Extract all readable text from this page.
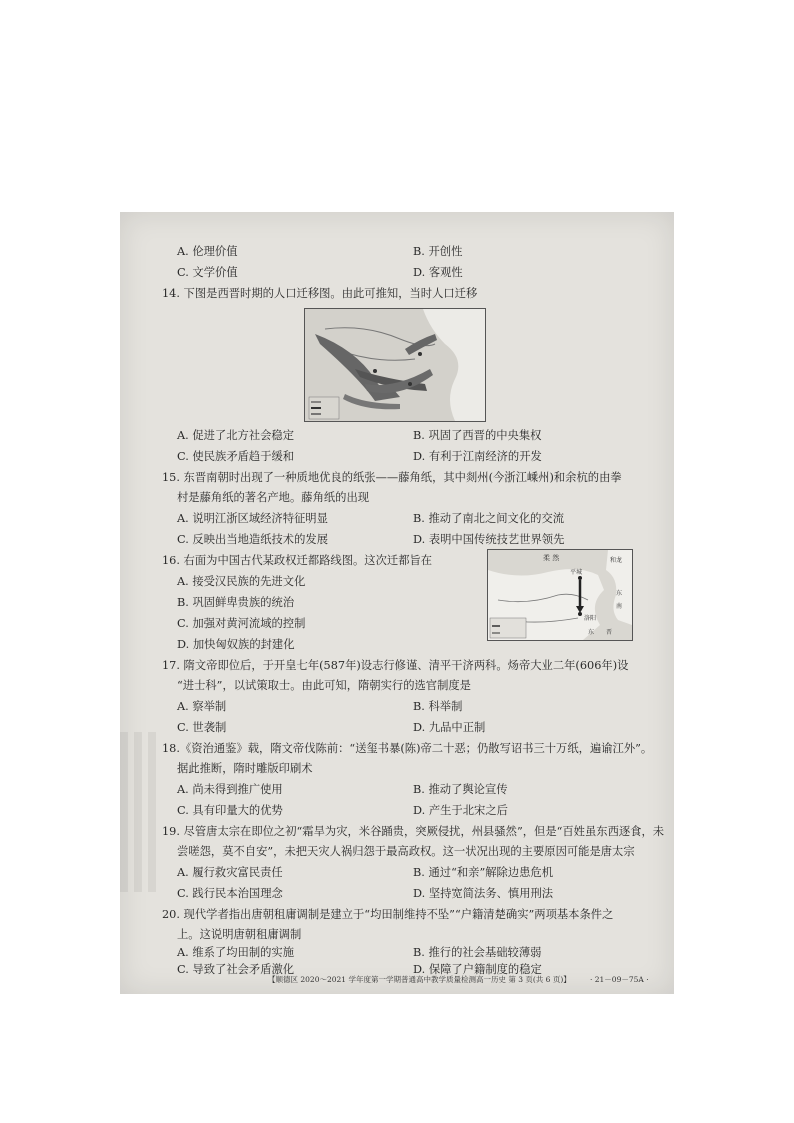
A. 伦理价值	B. 开创性
C. 文学价值	D. 客观性
14. 下图是西晋时期的人口迁移图。由此可推知，当时人口迁移
A. 促进了北方社会稳定	B. 巩固了西晋的中央集权
C. 使民族矛盾趋于缓和	D. 有利于江南经济的开发
15. 东晋南朝时出现了一种质地优良的纸张——藤角纸，其中剡州(今浙江嵊州)和余杭的由拳
村是藤角纸的著名产地。藤角纸的出现
A. 说明江浙区域经济特征明显	B. 推动了南北之间文化的交流
C. 反映出当地造纸技术的发展	D. 表明中国传统技艺世界领先
16. 右面为中国古代某政权迁都路线图。这次迁都旨在
A. 接受汉民族的先进文化
B. 巩固鲜卑贵族的统治
C. 加强对黄河流域的控制
D. 加快匈奴族的封建化
柔 然	和龙
平城
洛阳
东
南
东 晋
17. 隋文帝即位后，于开皇七年(587年)设志行修谨、清平干济两科。炀帝大业二年(606年)设
“进士科”，以试策取士。由此可知，隋朝实行的选官制度是
A. 察举制	B. 科举制
C. 世袭制	D. 九品中正制
18.《资治通鉴》载，隋文帝伐陈前：“送玺书暴(陈)帝二十恶；仍散写诏书三十万纸，遍谕江外”。
据此推断，隋时雕版印刷术
A. 尚未得到推广使用	B. 推动了舆论宣传
C. 具有印量大的优势	D. 产生于北宋之后
19. 尽管唐太宗在即位之初“霜旱为灾，米谷踊贵，突厥侵扰，州县骚然”，但是“百姓虽东西逐食，未
尝嗟怨，莫不自安”，未把天灾人祸归怨于最高政权。这一状况出现的主要原因可能是唐太宗
A. 履行救灾富民责任	B. 通过“和亲”解除边患危机
C. 践行民本治国理念	D. 坚持宽简法务、慎用刑法
20. 现代学者指出唐朝租庸调制是建立于“均田制维持不坠”“户籍清楚确实”两项基本条件之
上。这说明唐朝租庸调制
【顺德区 2020～2021 学年度第一学期普通高中教学质量检测高一历史 第 3 页(共 6 页)】	· 21－09－75A ·
A. 维系了均田制的实施	B. 推行的社会基础较薄弱
C. 导致了社会矛盾激化	D. 保障了户籍制度的稳定
